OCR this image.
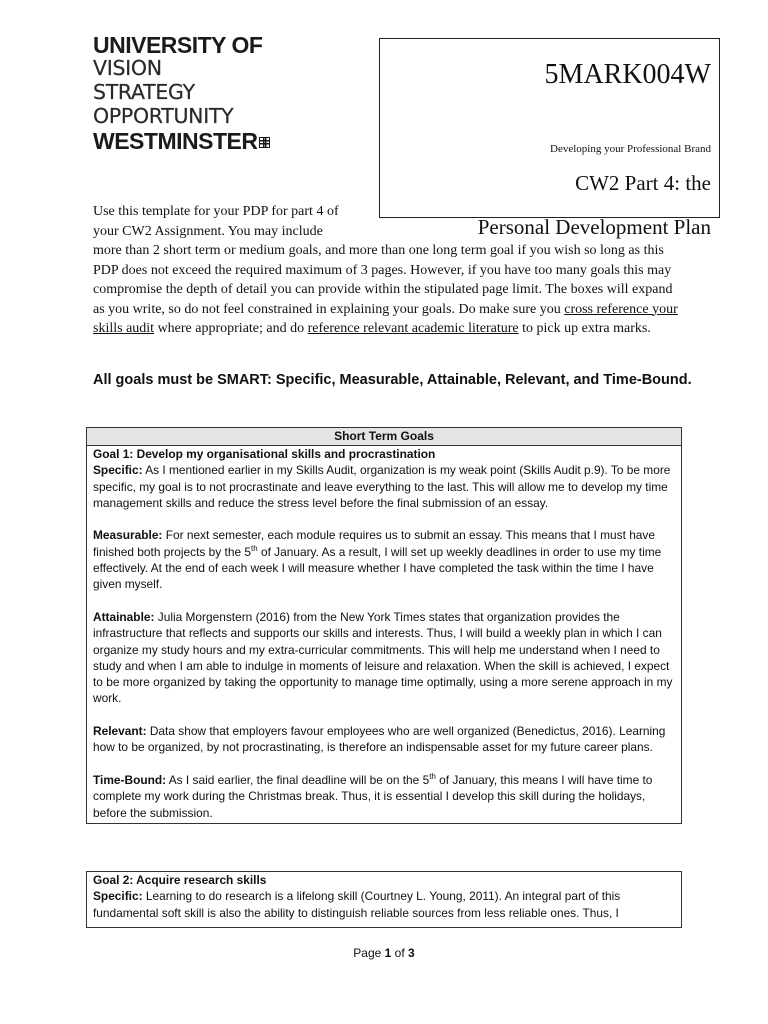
UNIVERSITY OF
VISION
STRATEGY
OPPORTUNITY
WESTMINSTER
5MARK004W
Developing your Professional Brand
CW2 Part 4: the
Personal Development Plan
Use this template for your PDP for part 4 of
your CW2 Assignment. You may include
more than 2 short term or medium goals, and more than one long term goal if you wish so long as this PDP does not exceed the required maximum of 3 pages. However, if you have too many goals this may compromise the depth of detail you can provide within the stipulated page limit. The boxes will expand as you write, so do not feel constrained in explaining your goals. Do make sure you cross reference your skills audit where appropriate; and do reference relevant academic literature to pick up extra marks.
All goals must be SMART: Specific, Measurable, Attainable, Relevant, and Time-Bound.
Short Term Goals

Goal 1: Develop my organisational skills and procrastination

Specific: As I mentioned earlier in my Skills Audit, organization is my weak point (Skills Audit p.9). To be more specific, my goal is to not procrastinate and leave everything to the last. This will allow me to develop my time management skills and reduce the stress level before the final submission of an essay.

Measurable: For next semester, each module requires us to submit an essay. This means that I must have finished both projects by the 5th of January. As a result, I will set up weekly deadlines in order to use my time effectively. At the end of each week I will measure whether I have completed the task within the time I have given myself.

Attainable: Julia Morgenstern (2016) from the New York Times states that organization provides the infrastructure that reflects and supports our skills and interests. Thus, I will build a weekly plan in which I can organize my study hours and my extra-curricular commitments. This will help me understand when I need to study and when I am able to indulge in moments of leisure and relaxation. When the skill is achieved, I expect to be more organized by taking the opportunity to manage time optimally, using a more serene approach in my work.

Relevant: Data show that employers favour employees who are well organized (Benedictus, 2016). Learning how to be organized, by not procrastinating, is therefore an indispensable asset for my future career plans.

Time-Bound: As I said earlier, the final deadline will be on the 5th of January, this means I will have time to complete my work during the Christmas break. Thus, it is essential I develop this skill during the holidays, before the submission.

Goal 2: Acquire research skills

Specific: Learning to do research is a lifelong skill (Courtney L. Young, 2011). An integral part of this fundamental soft skill is also the ability to distinguish reliable sources from less reliable ones. Thus, I

Page 1 of 3
